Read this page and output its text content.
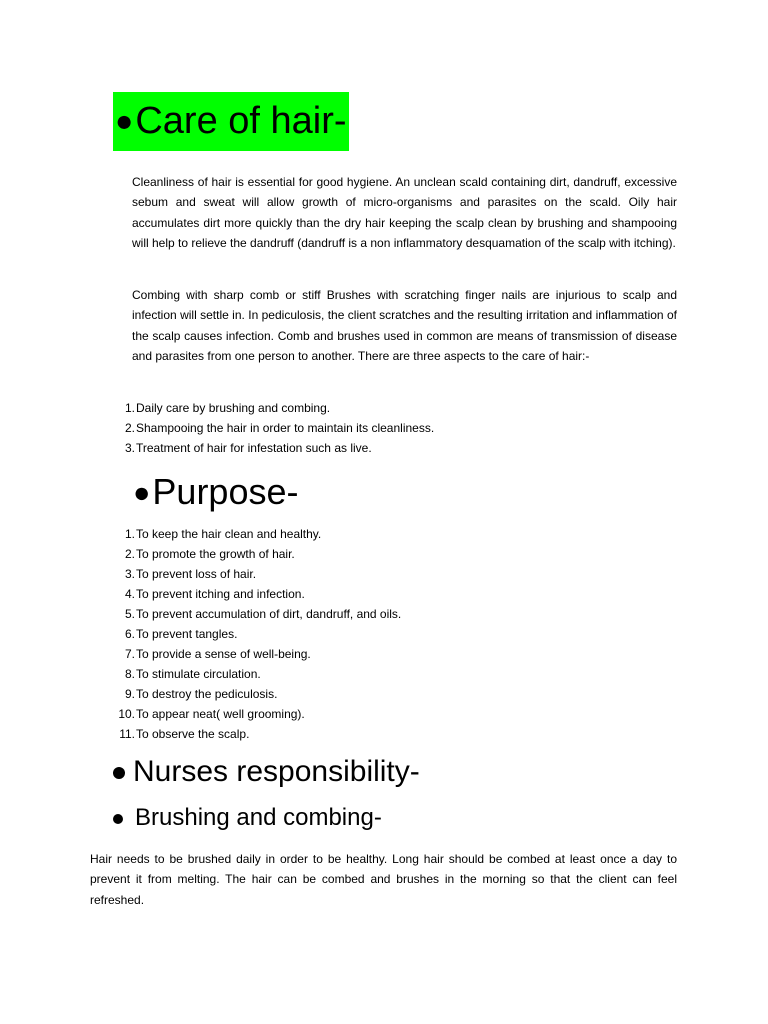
●Care of hair-
Cleanliness of hair is essential for good hygiene. An unclean scald containing dirt, dandruff, excessive sebum and sweat will allow growth of micro-organisms and parasites on the scald. Oily hair accumulates dirt more quickly than the dry hair keeping the scalp clean by brushing and shampooing will help to relieve the dandruff (dandruff is a non inflammatory desquamation of the scalp with itching).
Combing with sharp comb or stiff Brushes with scratching finger nails are injurious to scalp and infection will settle in. In pediculosis, the client scratches and the resulting irritation and inflammation of the scalp causes infection. Comb and brushes used in common are means of transmission of disease and parasites from one person to another. There are three aspects to the care of hair:-
1. Daily care by brushing and combing.
2. Shampooing the hair in order to maintain its cleanliness.
3. Treatment of hair for infestation such as live.
●Purpose-
1. To keep the hair clean and healthy.
2. To promote the growth of hair.
3. To prevent loss of hair.
4. To prevent itching and infection.
5. To prevent accumulation of dirt, dandruff, and oils.
6. To prevent tangles.
7. To provide a sense of well-being.
8. To stimulate circulation.
9. To destroy the pediculosis.
10. To appear neat( well grooming).
11. To observe the scalp.
Nurses responsibility-
Brushing and combing-
Hair needs to be brushed daily in order to be healthy. Long hair should be combed at least once a day to prevent it from melting. The hair can be combed and brushes in the morning so that the client can feel refreshed.
